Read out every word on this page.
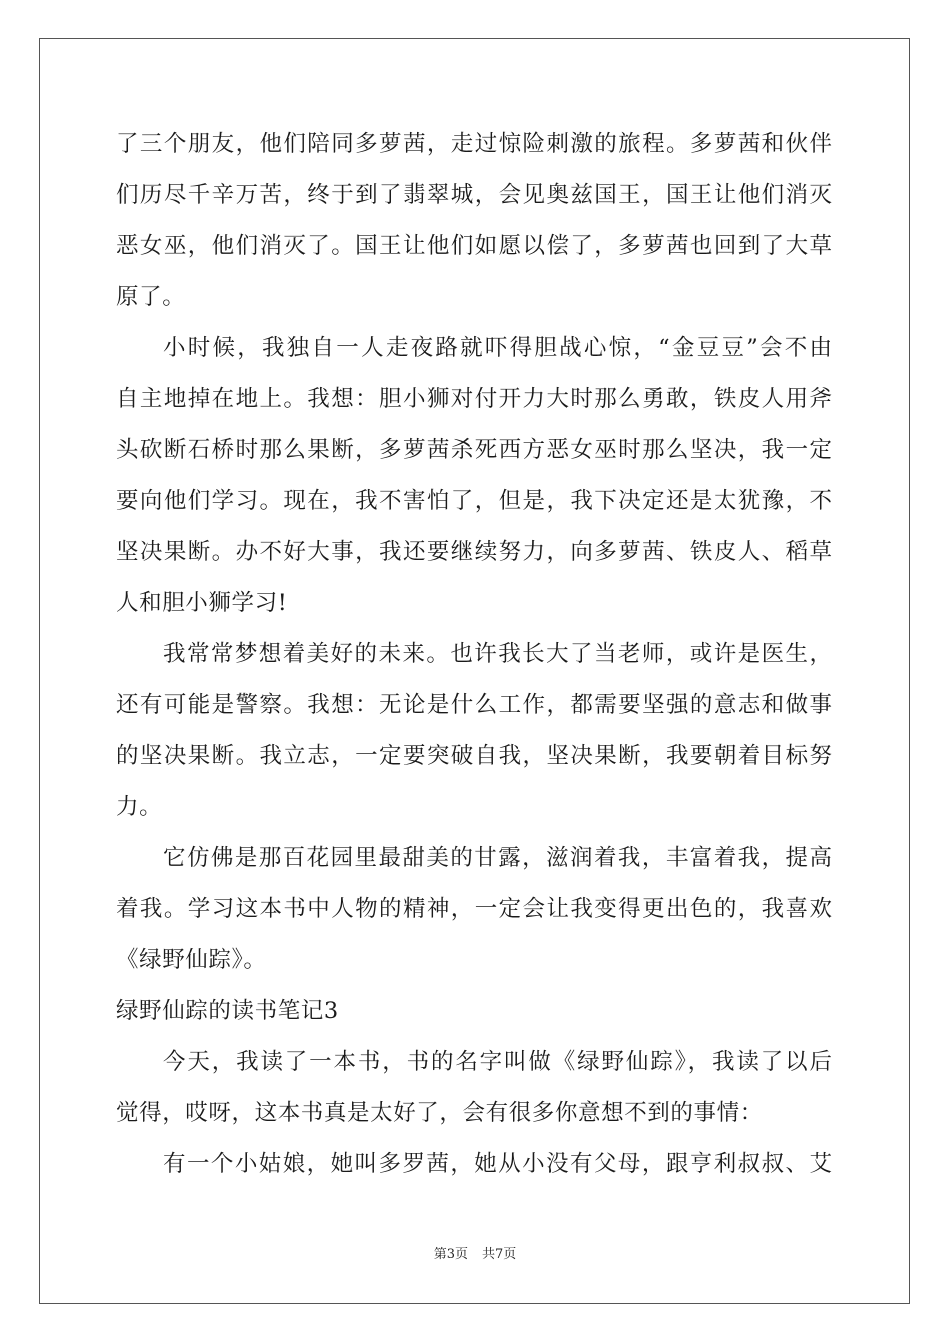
了三个朋友，他们陪同多萝茜，走过惊险刺激的旅程。多萝茜和伙伴
们历尽千辛万苦，终于到了翡翠城，会见奥兹国王，国王让他们消灭
恶女巫，他们消灭了。国王让他们如愿以偿了，多萝茜也回到了大草
原了。
小时候，我独自一人走夜路就吓得胆战心惊，“金豆豆”会不由
自主地掉在地上。我想：胆小狮对付开力大时那么勇敢，铁皮人用斧
头砍断石桥时那么果断，多萝茜杀死西方恶女巫时那么坚决，我一定
要向他们学习。现在，我不害怕了，但是，我下决定还是太犹豫，不
坚决果断。办不好大事，我还要继续努力，向多萝茜、铁皮人、稻草
人和胆小狮学习!
我常常梦想着美好的未来。也许我长大了当老师，或许是医生，
还有可能是警察。我想：无论是什么工作，都需要坚强的意志和做事
的坚决果断。我立志，一定要突破自我，坚决果断，我要朝着目标努
力。
它仿佛是那百花园里最甜美的甘露，滋润着我，丰富着我，提高
着我。学习这本书中人物的精神，一定会让我变得更出色的，我喜欢
《绿野仙踪》。
绿野仙踪的读书笔记3
今天，我读了一本书，书的名字叫做《绿野仙踪》，我读了以后
觉得，哎呀，这本书真是太好了，会有很多你意想不到的事情：
有一个小姑娘，她叫多罗茜，她从小没有父母，跟亨利叔叔、艾
第3页 共7页
